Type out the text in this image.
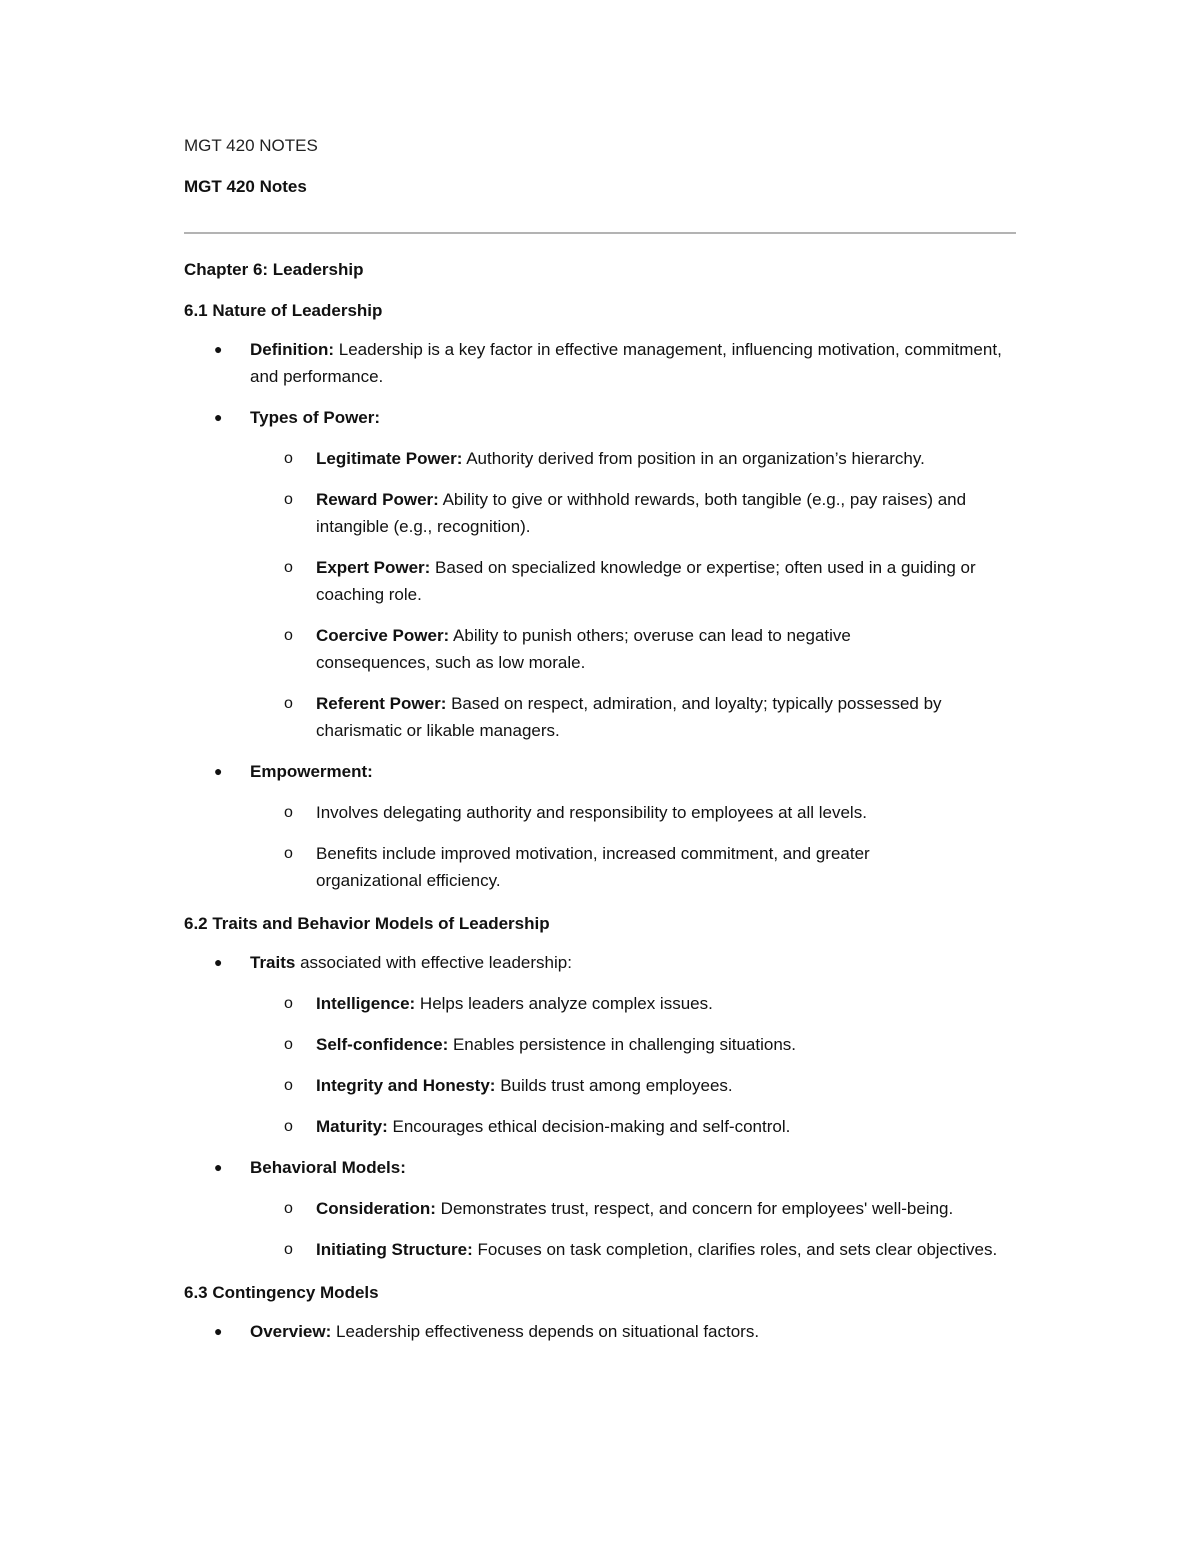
MGT 420 NOTES
MGT 420 Notes

Chapter 6: Leadership

6.1 Nature of Leadership

● Definition: Leadership is a key factor in effective management, influencing motivation, commitment, and performance.
● Types of Power:
o Legitimate Power: Authority derived from position in an organization’s hierarchy.
o Reward Power: Ability to give or withhold rewards, both tangible (e.g., pay raises) and intangible (e.g., recognition).
o Expert Power: Based on specialized knowledge or expertise; often used in a guiding or coaching role.
o Coercive Power: Ability to punish others; overuse can lead to negative consequences, such as low morale.
o Referent Power: Based on respect, admiration, and loyalty; typically possessed by charismatic or likable managers.
● Empowerment:
o Involves delegating authority and responsibility to employees at all levels.
o Benefits include improved motivation, increased commitment, and greater organizational efficiency.

6.2 Traits and Behavior Models of Leadership

● Traits associated with effective leadership:
o Intelligence: Helps leaders analyze complex issues.
o Self-confidence: Enables persistence in challenging situations.
o Integrity and Honesty: Builds trust among employees.
o Maturity: Encourages ethical decision-making and self-control.
● Behavioral Models:
o Consideration: Demonstrates trust, respect, and concern for employees' well-being.
o Initiating Structure: Focuses on task completion, clarifies roles, and sets clear objectives.

6.3 Contingency Models

● Overview: Leadership effectiveness depends on situational factors.
